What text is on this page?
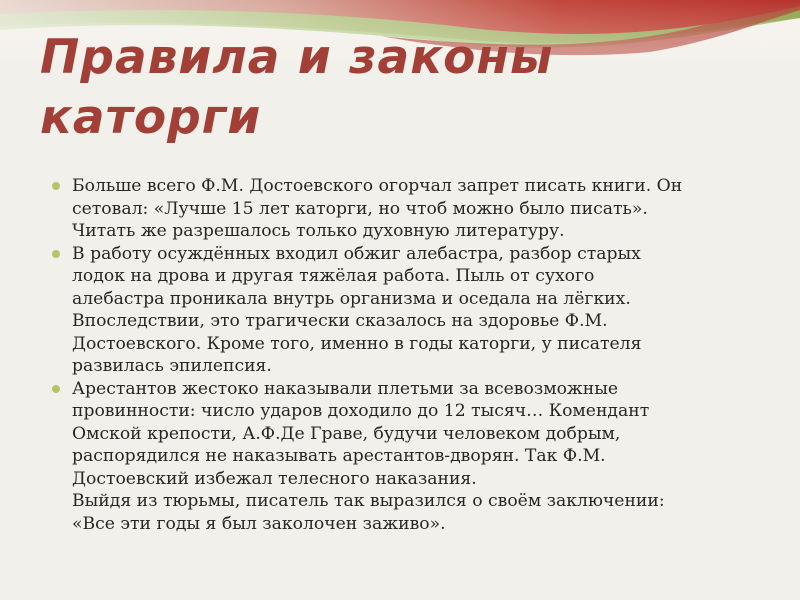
Правила и законы
каторги
Больше всего Ф.М. Достоевского огорчал запрет писать книги. Он
сетовал: «Лучше 15 лет каторги, но чтоб можно было писать».
Читать же разрешалось только духовную литературу.
В работу осуждённых входил обжиг алебастра, разбор старых
лодок на дрова и другая тяжёлая работа. Пыль от сухого
алебастра проникала внутрь организма и оседала на лёгких.
Впоследствии, это трагически сказалось на здоровье Ф.М.
Достоевского. Кроме того, именно в годы каторги, у писателя
развилась эпилепсия.
Арестантов жестоко наказывали плетьми за всевозможные
провинности: число ударов доходило до 12 тысяч… Комендант
Омской крепости, А.Ф.Де Граве, будучи человеком добрым,
распорядился не наказывать арестантов-дворян. Так Ф.М.
Достоевский избежал телесного наказания.
Выйдя из тюрьмы, писатель так выразился о своём заключении:
«Все эти годы я был заколочен заживо».
